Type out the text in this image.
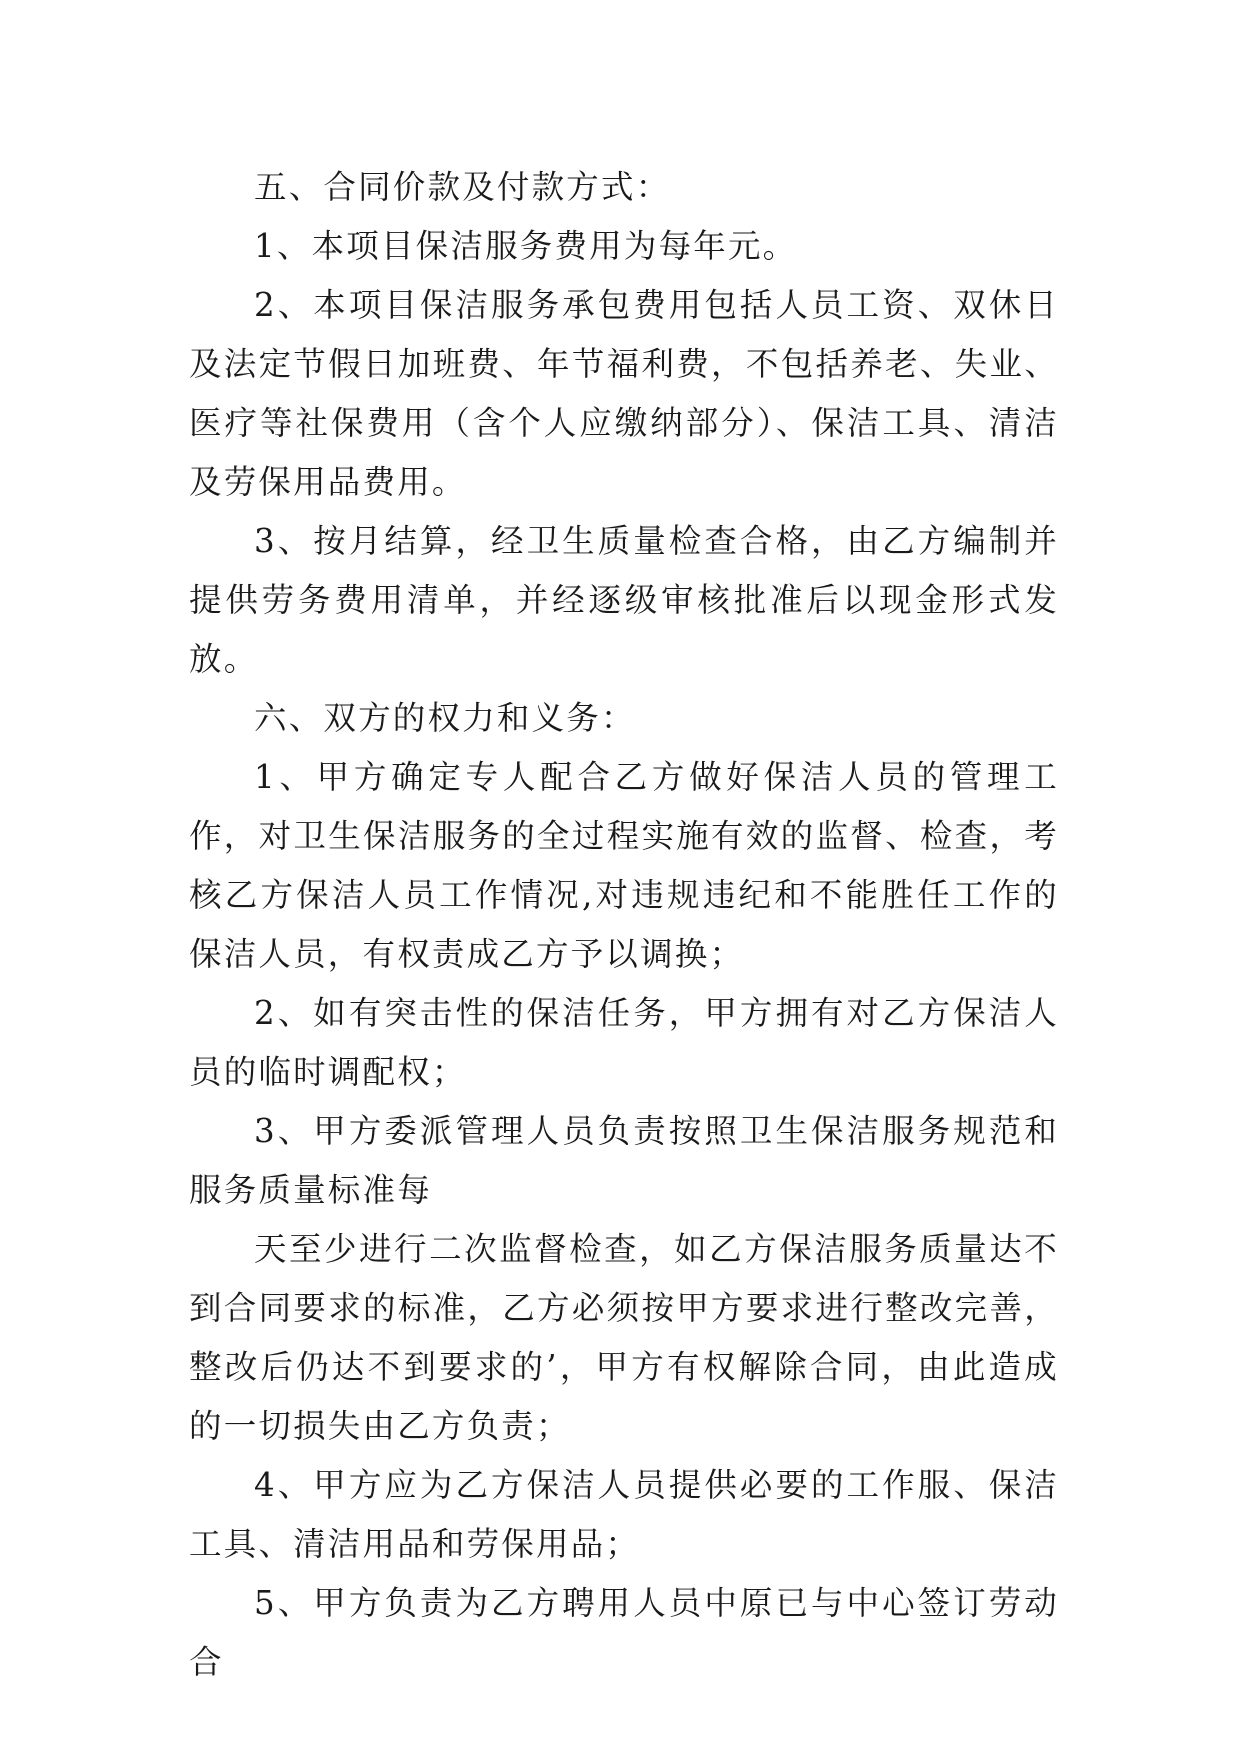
五、合同价款及付款方式：

1、本项目保洁服务费用为每年元。

2、本项目保洁服务承包费用包括人员工资、双休日及法定节假日加班费、年节福利费，不包括养老、失业、医疗等社保费用（含个人应缴纳部分）、保洁工具、清洁及劳保用品费用。

3、按月结算，经卫生质量检查合格，由乙方编制并提供劳务费用清单，并经逐级审核批准后以现金形式发放。

六、双方的权力和义务：

1、甲方确定专人配合乙方做好保洁人员的管理工作，对卫生保洁服务的全过程实施有效的监督、检查，考核乙方保洁人员工作情况,对违规违纪和不能胜任工作的保洁人员，有权责成乙方予以调换；

2、如有突击性的保洁任务，甲方拥有对乙方保洁人员的临时调配权；

3、甲方委派管理人员负责按照卫生保洁服务规范和服务质量标准每

天至少进行二次监督检查，如乙方保洁服务质量达不到合同要求的标准，乙方必须按甲方要求进行整改完善，整改后仍达不到要求的’，甲方有权解除合同，由此造成的一切损失由乙方负责；

4、甲方应为乙方保洁人员提供必要的工作服、保洁工具、清洁用品和劳保用品；

5、甲方负责为乙方聘用人员中原已与中心签订劳动合
